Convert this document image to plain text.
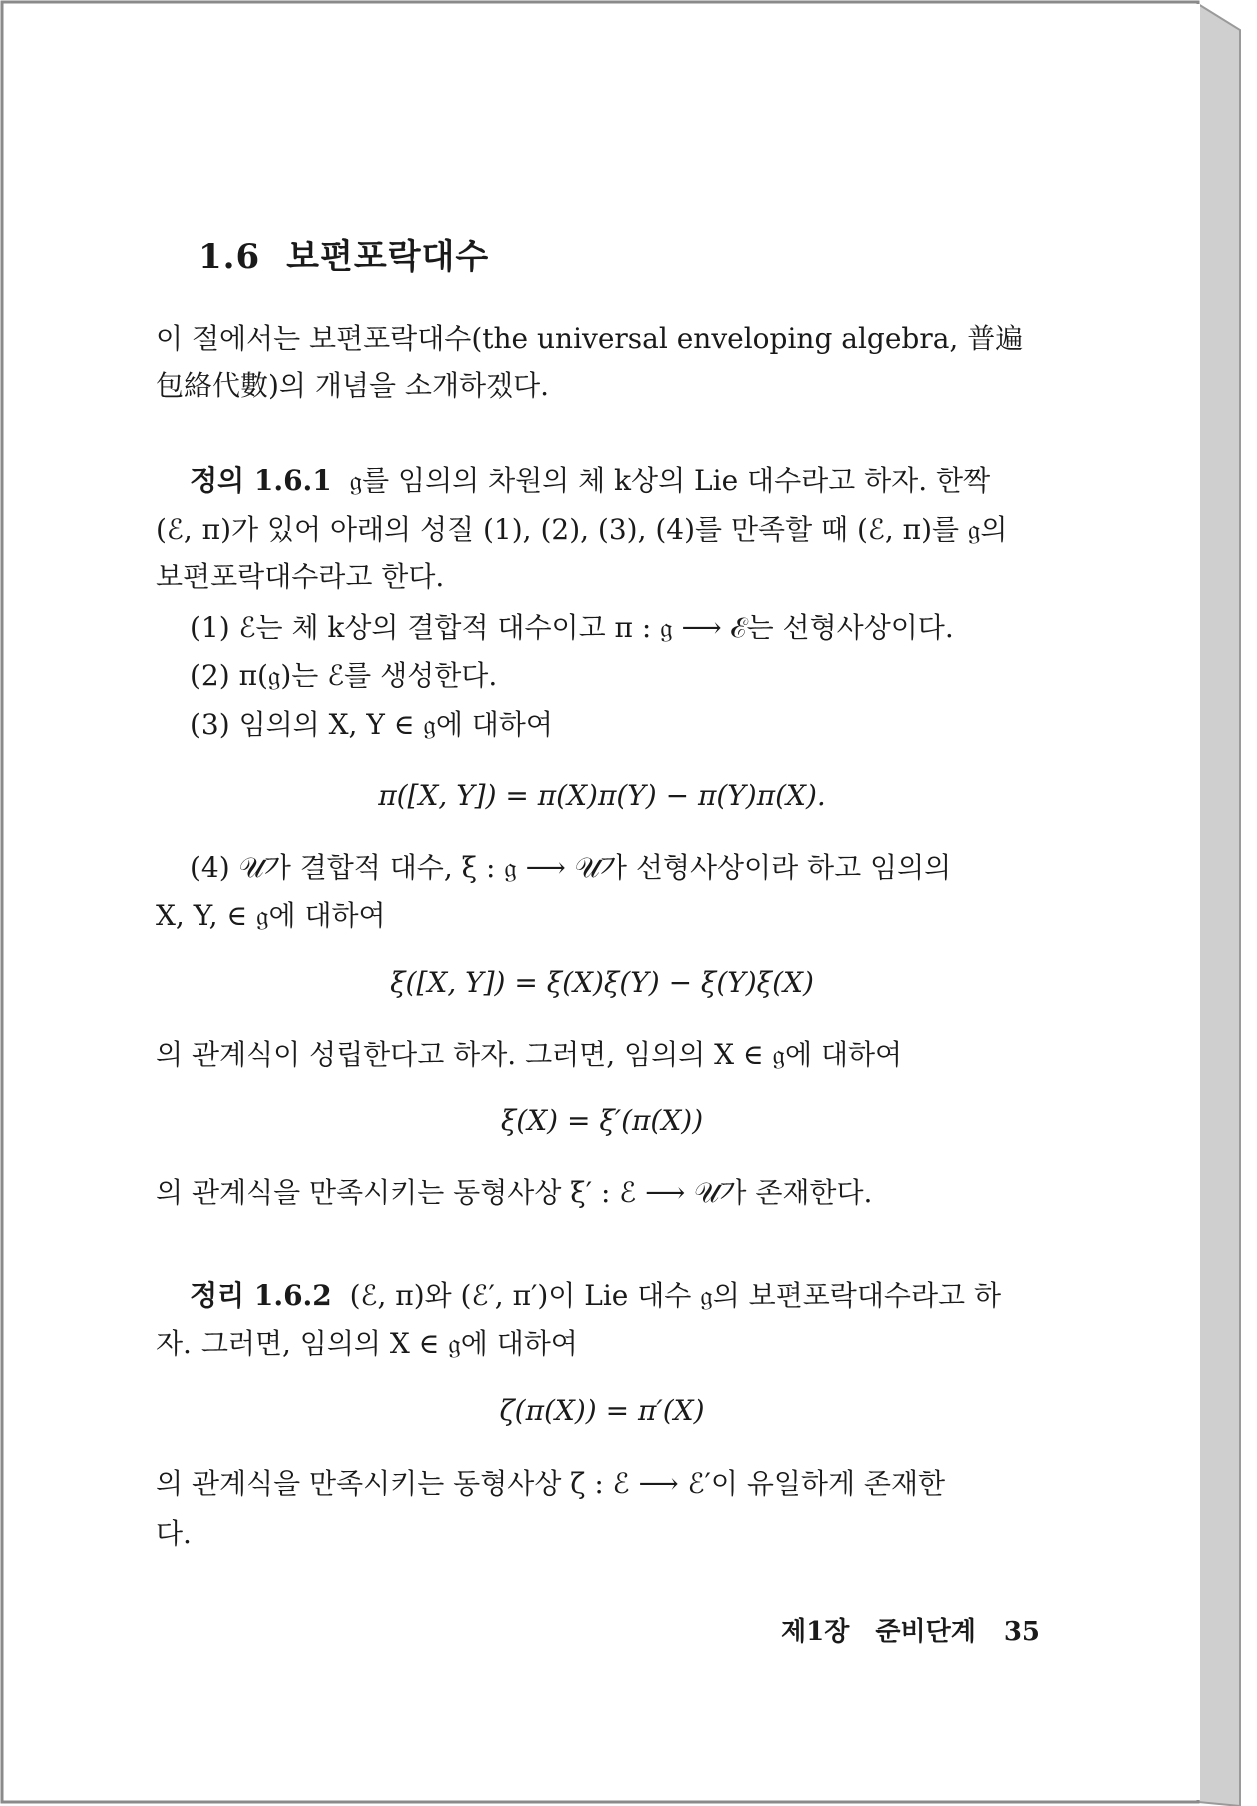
1.6 보편포락대수
이 절에서는 보편포락대수(the universal enveloping algebra, 普遍
包絡代數)의 개념을 소개하겠다.
정의 1.6.1 𝔤를 임의의 차원의 체 k상의 Lie 대수라고 하자. 한짝
(ℰ, π)가 있어 아래의 성질 (1), (2), (3), (4)를 만족할 때 (ℰ, π)를 𝔤의
보편포락대수라고 한다.
(1) ℰ는 체 k상의 결합적 대수이고 π : 𝔤 ⟶ ℰ는 선형사상이다.
(2) π(𝔤)는 ℰ를 생성한다.
(3) 임의의 X, Y ∈ 𝔤에 대하여
π([X, Y]) = π(X)π(Y) − π(Y)π(X).
(4) 𝒰가 결합적 대수, ξ : 𝔤 ⟶ 𝒰가 선형사상이라 하고 임의의
X, Y, ∈ 𝔤에 대하여
ξ([X, Y]) = ξ(X)ξ(Y) − ξ(Y)ξ(X)
의 관계식이 성립한다고 하자. 그러면, 임의의 X ∈ 𝔤에 대하여
ξ(X) = ξ′(π(X))
의 관계식을 만족시키는 동형사상 ξ′ : ℰ ⟶ 𝒰가 존재한다.
정리 1.6.2 (ℰ, π)와 (ℰ′, π′)이 Lie 대수 𝔤의 보편포락대수라고 하
자. 그러면, 임의의 X ∈ 𝔤에 대하여
ζ(π(X)) = π′(X)
의 관계식을 만족시키는 동형사상 ζ : ℰ ⟶ ℰ′이 유일하게 존재한
다.
제1장 준비단계 35
